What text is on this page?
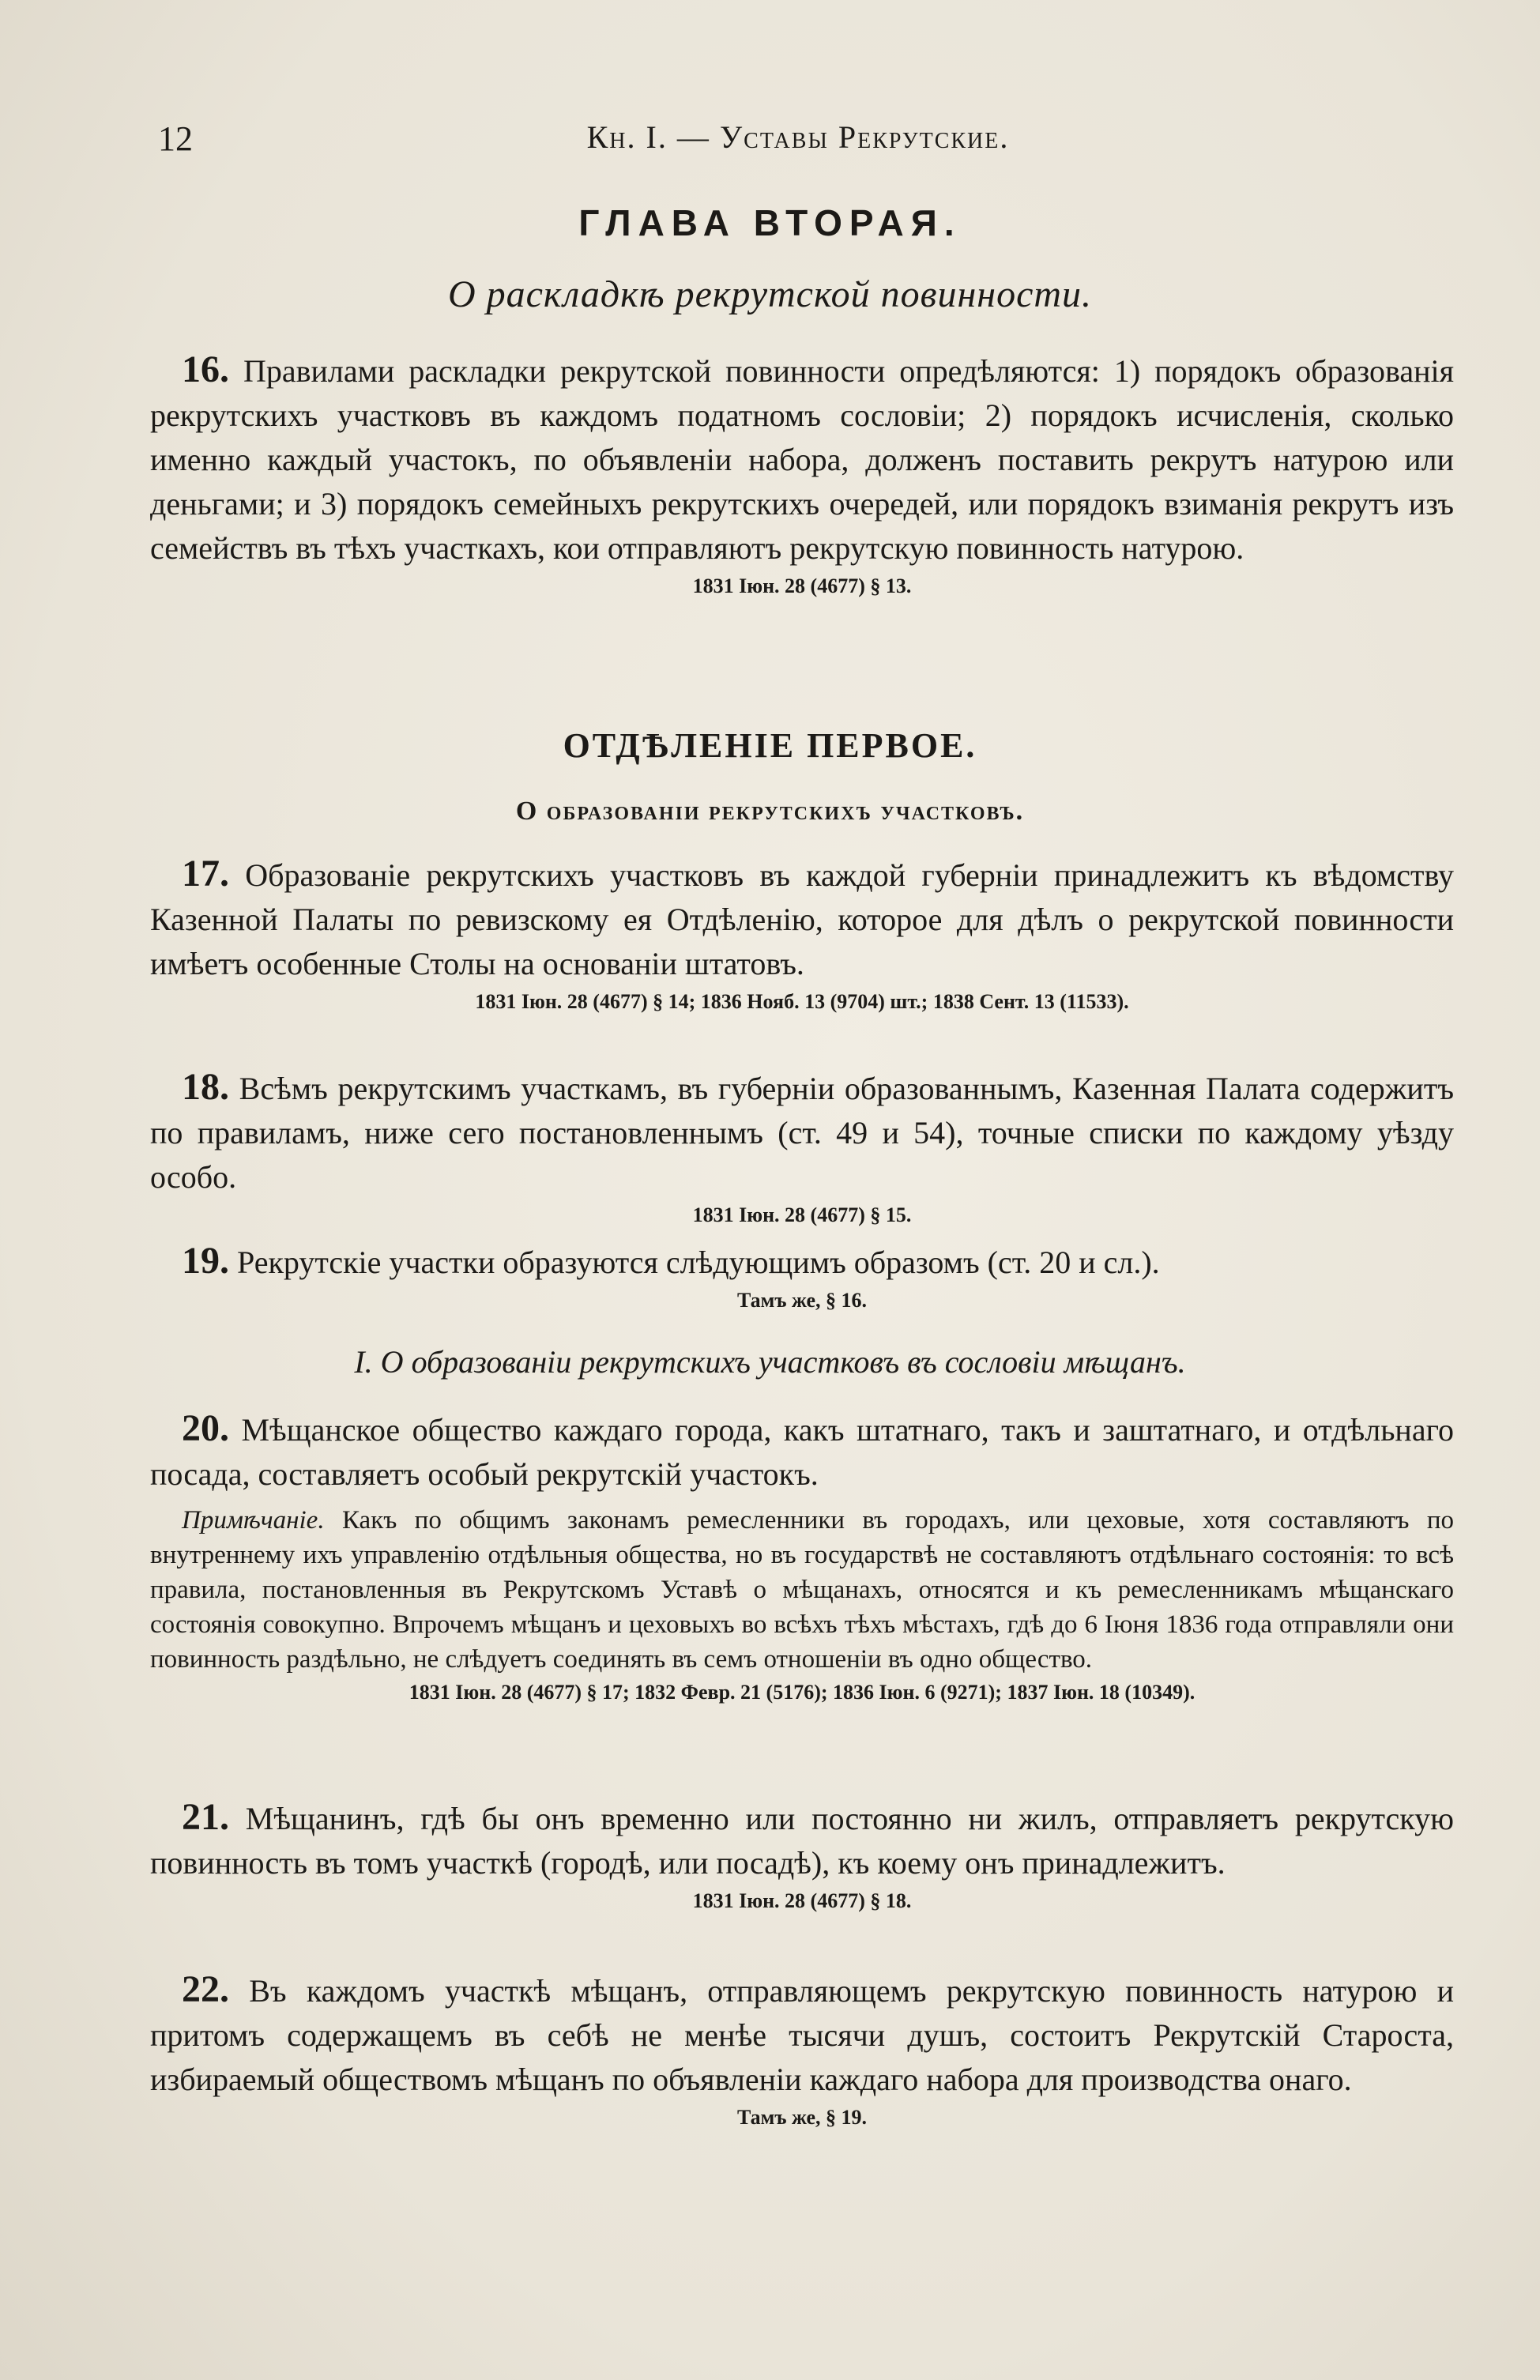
12	Кн. I. — Уставы Рекрутские.
ГЛАВА ВТОРАЯ.
О раскладкѣ рекрутской повинности.

16. Правилами раскладки рекрутской повинности опредѣляются: 1) порядокъ образованія рекрутскихъ участковъ въ каждомъ податномъ сословіи; 2) порядокъ исчисленія, сколько именно каждый участокъ, по объявленіи набора, долженъ поставить рекрутъ натурою или деньгами; и 3) порядокъ семейныхъ рекрутскихъ очередей, или порядокъ взиманія рекрутъ изъ семействъ въ тѣхъ участкахъ, кои отправляютъ рекрутскую повинность натурою.

1831 Іюн. 28 (4677) § 13.

ОТДѢЛЕНІЕ ПЕРВОЕ.
О образованіи рекрутскихъ участковъ.

17. Образованіе рекрутскихъ участковъ въ каждой губерніи принадлежитъ къ вѣдомству Казенной Палаты по ревизскому ея Отдѣленію, которое для дѣлъ о рекрутской повинности имѣетъ особенные Столы на основаніи штатовъ.

1831 Іюн. 28 (4677) § 14; 1836 Нояб. 13 (9704) шт.; 1838 Сент. 13 (11533).

18. Всѣмъ рекрутскимъ участкамъ, въ губерніи образованнымъ, Казенная Палата содержитъ по правиламъ, ниже сего постановленнымъ (ст. 49 и 54), точные списки по каждому уѣзду особо.

1831 Іюн. 28 (4677) § 15.

19. Рекрутскіе участки образуются слѣдующимъ образомъ (ст. 20 и сл.).

Тамъ же, § 16.

I. О образованіи рекрутскихъ участковъ въ сословіи мѣщанъ.

20. Мѣщанское общество каждаго города, какъ штатнаго, такъ и заштатнаго, и отдѣльнаго посада, составляетъ особый рекрутскій участокъ.

Примѣчаніе. Какъ по общимъ законамъ ремесленники въ городахъ, или цеховые, хотя составляютъ по внутреннему ихъ управленію отдѣльныя общества, но въ государствѣ не составляютъ отдѣльнаго состоянія: то всѣ правила, постановленныя въ Рекрутскомъ Уставѣ о мѣщанахъ, относятся и къ ремесленникамъ мѣщанскаго состоянія совокупно. Впрочемъ мѣщанъ и цеховыхъ во всѣхъ тѣхъ мѣстахъ, гдѣ до 6 Іюня 1836 года отправляли они повинность раздѣльно, не слѣдуетъ соединять въ семъ отношеніи въ одно общество.

1831 Іюн. 28 (4677) § 17; 1832 Февр. 21 (5176); 1836 Іюн. 6 (9271); 1837 Іюн. 18 (10349).

21. Мѣщанинъ, гдѣ бы онъ временно или постоянно ни жилъ, отправляетъ рекрутскую повинность въ томъ участкѣ (городѣ, или посадѣ), къ коему онъ принадлежитъ.

1831 Іюн. 28 (4677) § 18.

22. Въ каждомъ участкѣ мѣщанъ, отправляющемъ рекрутскую повинность натурою и притомъ содержащемъ въ себѣ не менѣе тысячи душъ, состоитъ Рекрутскій Староста, избираемый обществомъ мѣщанъ по объявленіи каждаго набора для производства онаго.

Тамъ же, § 19.
